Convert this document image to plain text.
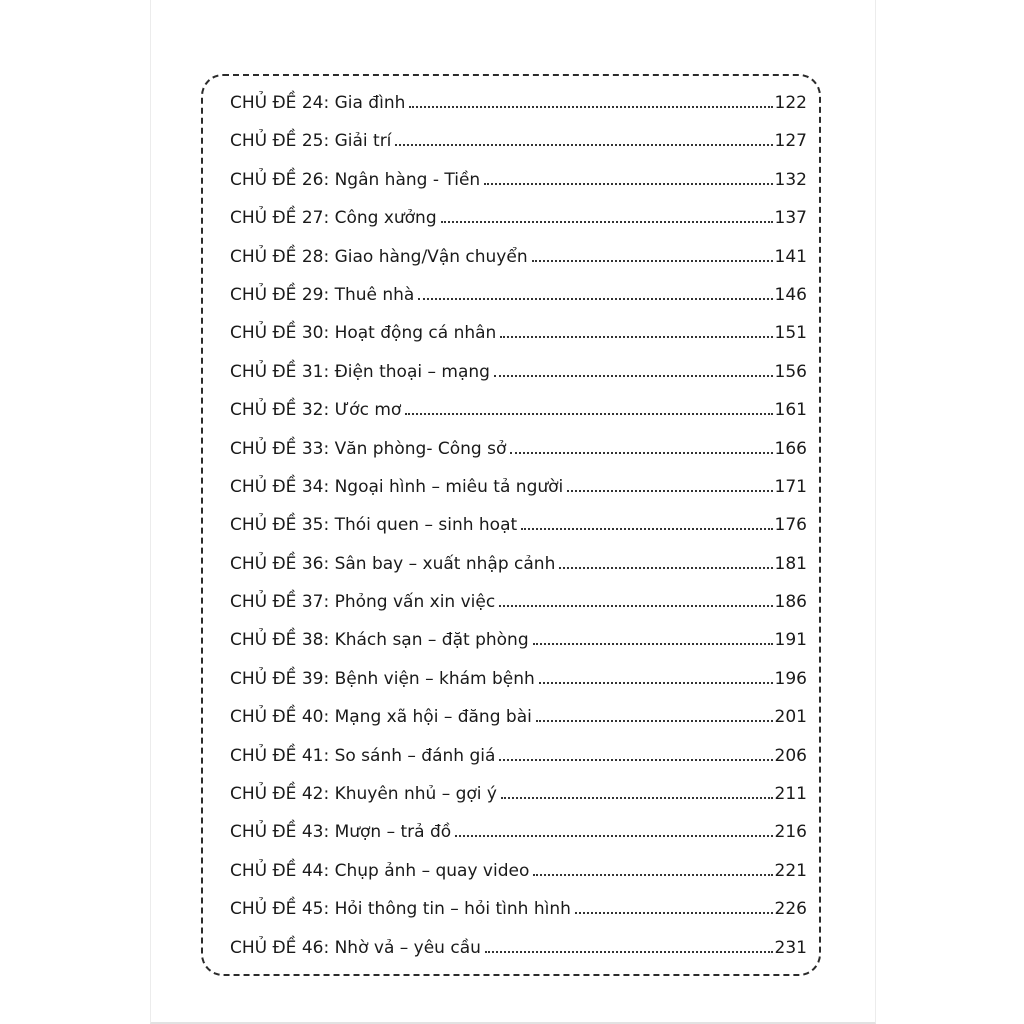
CHỦ ĐỀ 24: Gia đình	122
CHỦ ĐỀ 25: Giải trí	127
CHỦ ĐỀ 26: Ngân hàng - Tiền	132
CHỦ ĐỀ 27: Công xưởng	137
CHỦ ĐỀ 28: Giao hàng/Vận chuyển	141
CHỦ ĐỀ 29: Thuê nhà	146
CHỦ ĐỀ 30: Hoạt động cá nhân	151
CHỦ ĐỀ 31: Điện thoại – mạng	156
CHỦ ĐỀ 32: Ước mơ	161
CHỦ ĐỀ 33: Văn phòng- Công sở	166
CHỦ ĐỀ 34: Ngoại hình – miêu tả người	171
CHỦ ĐỀ 35: Thói quen – sinh hoạt	176
CHỦ ĐỀ 36: Sân bay – xuất nhập cảnh	181
CHỦ ĐỀ 37: Phỏng vấn xin việc	186
CHỦ ĐỀ 38: Khách sạn – đặt phòng	191
CHỦ ĐỀ 39: Bệnh viện – khám bệnh	196
CHỦ ĐỀ 40: Mạng xã hội – đăng bài	201
CHỦ ĐỀ 41: So sánh – đánh giá	206
CHỦ ĐỀ 42: Khuyên nhủ – gợi ý	211
CHỦ ĐỀ 43: Mượn – trả đồ	216
CHỦ ĐỀ 44: Chụp ảnh – quay video	221
CHỦ ĐỀ 45: Hỏi thông tin – hỏi tình hình	226
CHỦ ĐỀ 46: Nhờ vả – yêu cầu	231
